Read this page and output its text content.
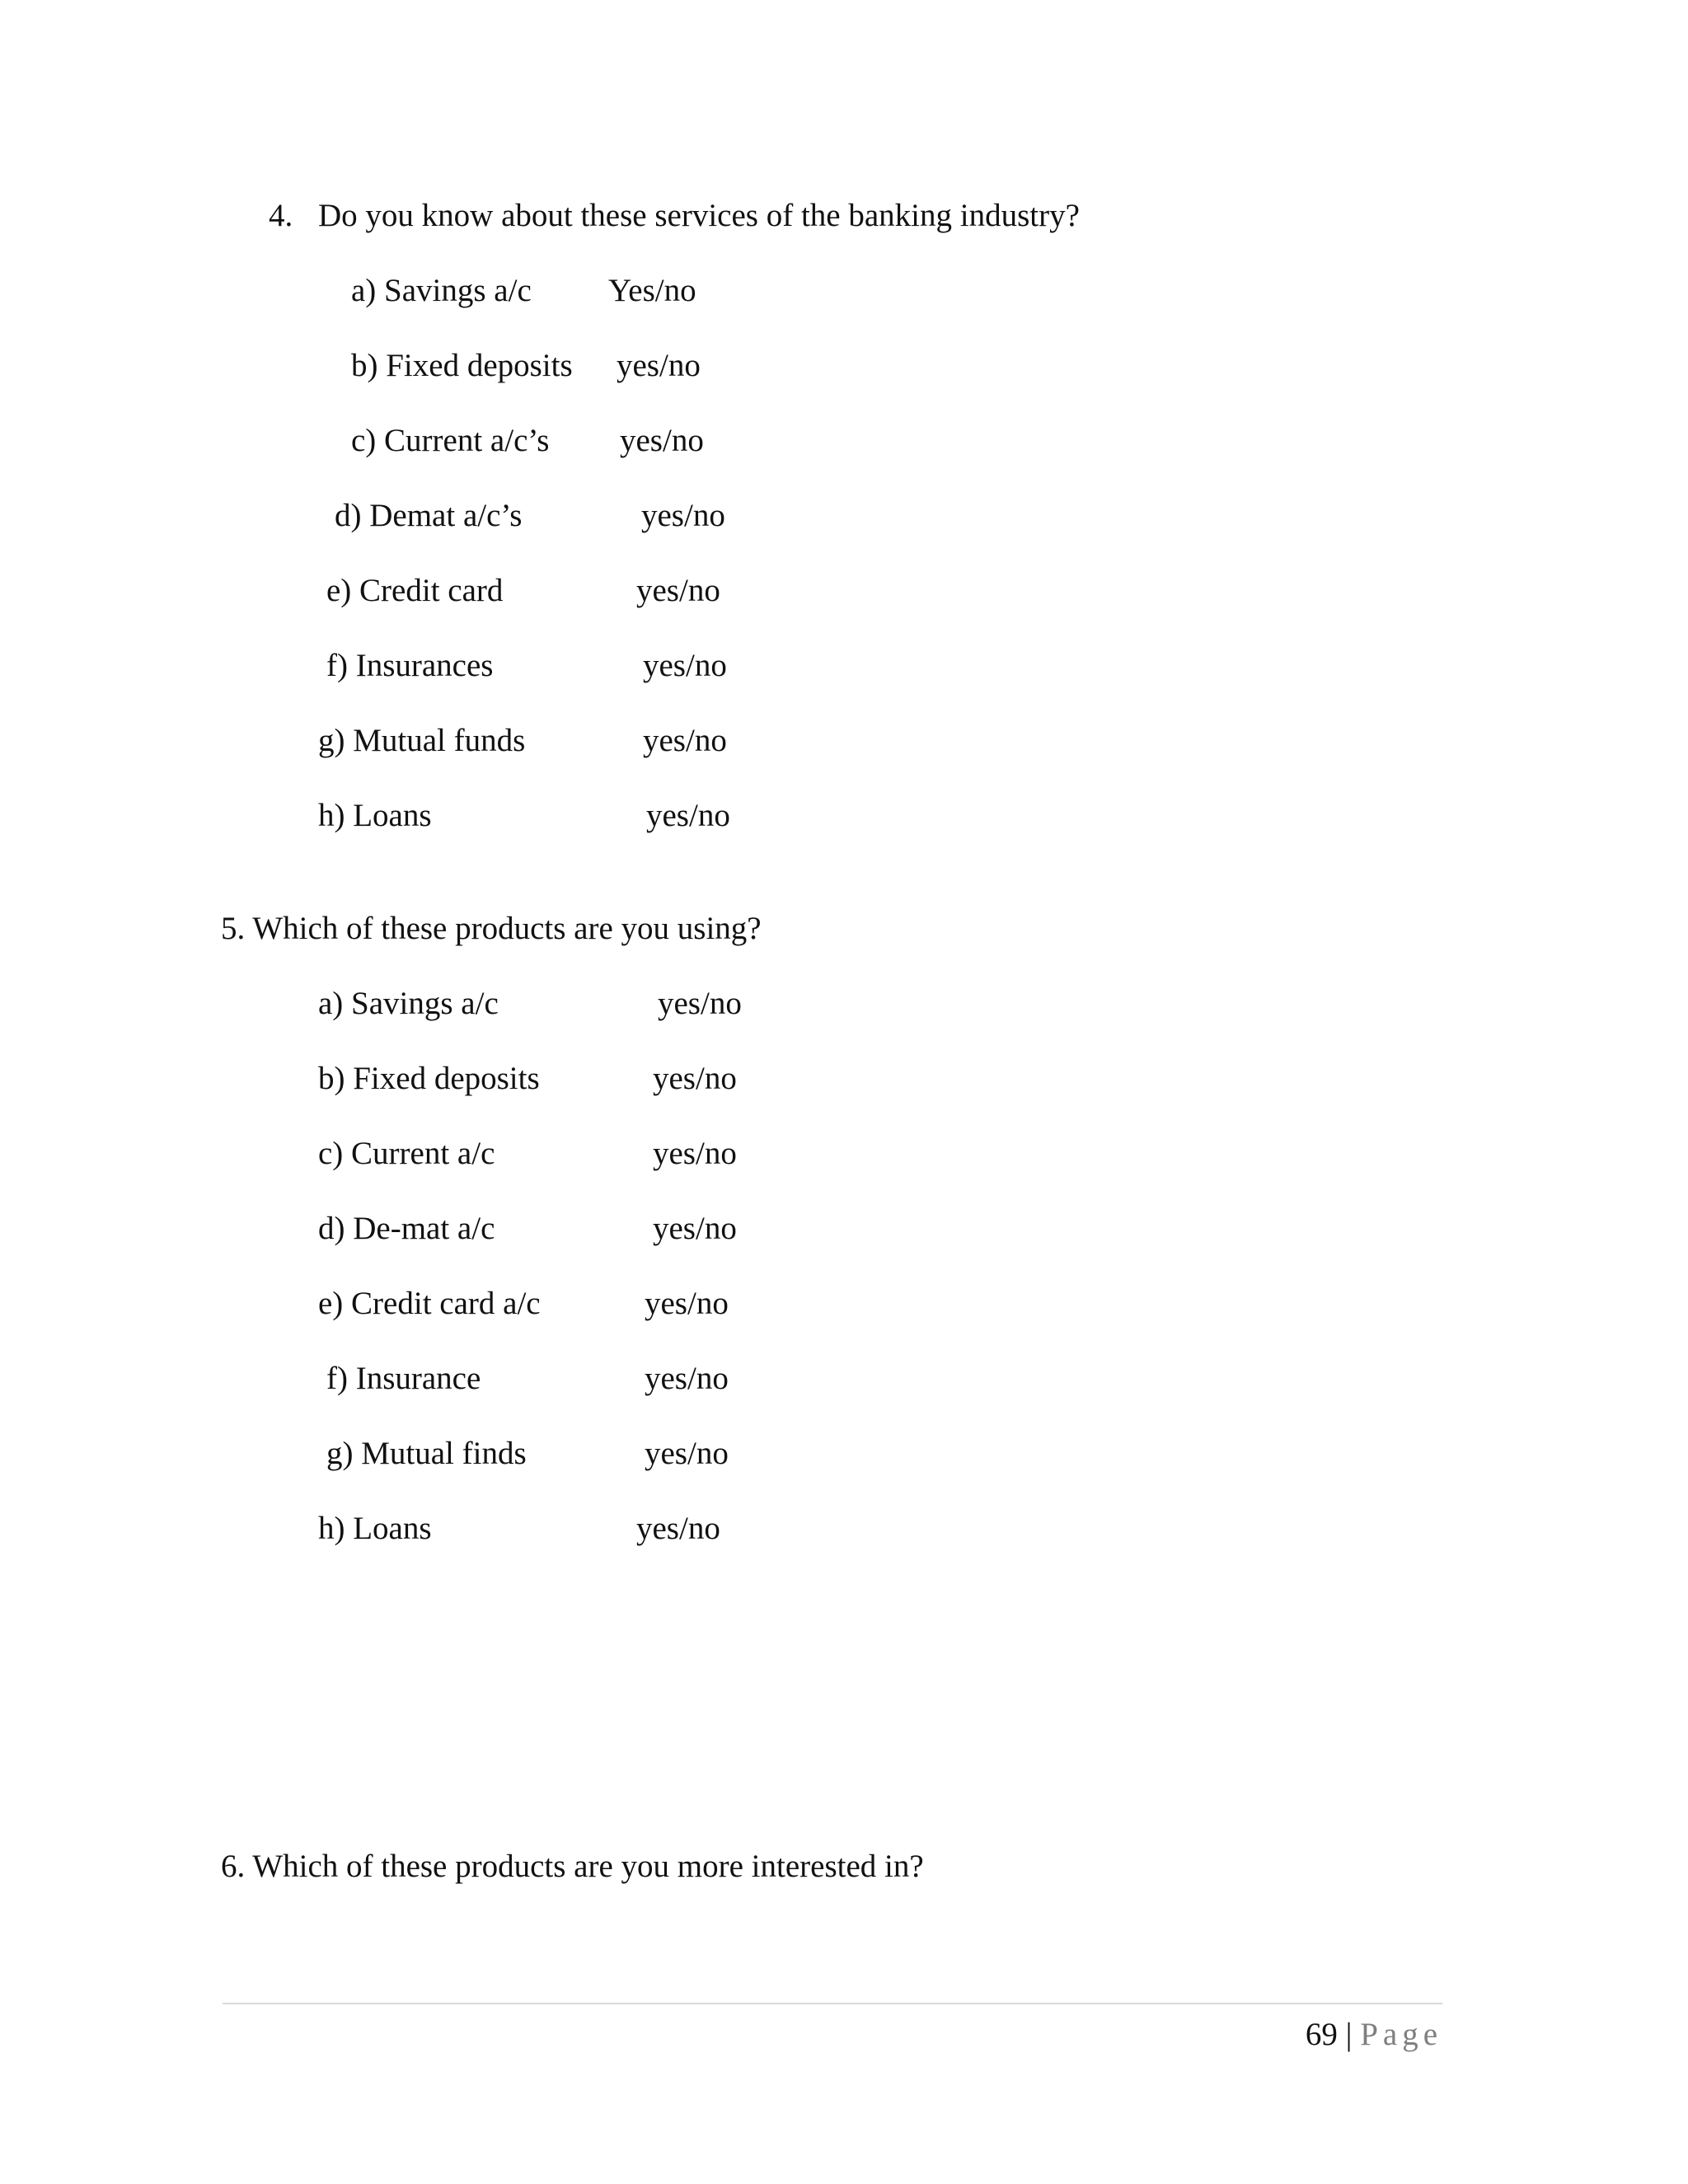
4. Do you know about these services of the banking industry?
a) Savings a/c Yes/no
b) Fixed deposits yes/no
c) Current a/c’s yes/no
d) Demat a/c’s	yes/no
e) Credit card	yes/no
f) Insurances	yes/no
g) Mutual funds	yes/no
h) Loans	yes/no
5. Which of these products are you using?
a) Savings a/c	yes/no
b) Fixed deposits	yes/no
c) Current a/c	yes/no
d) De-mat a/c	yes/no
e) Credit card a/c	yes/no
f) Insurance	yes/no
g) Mutual finds	yes/no
h) Loans	yes/no
6. Which of these products are you more interested in?
69 | Page
